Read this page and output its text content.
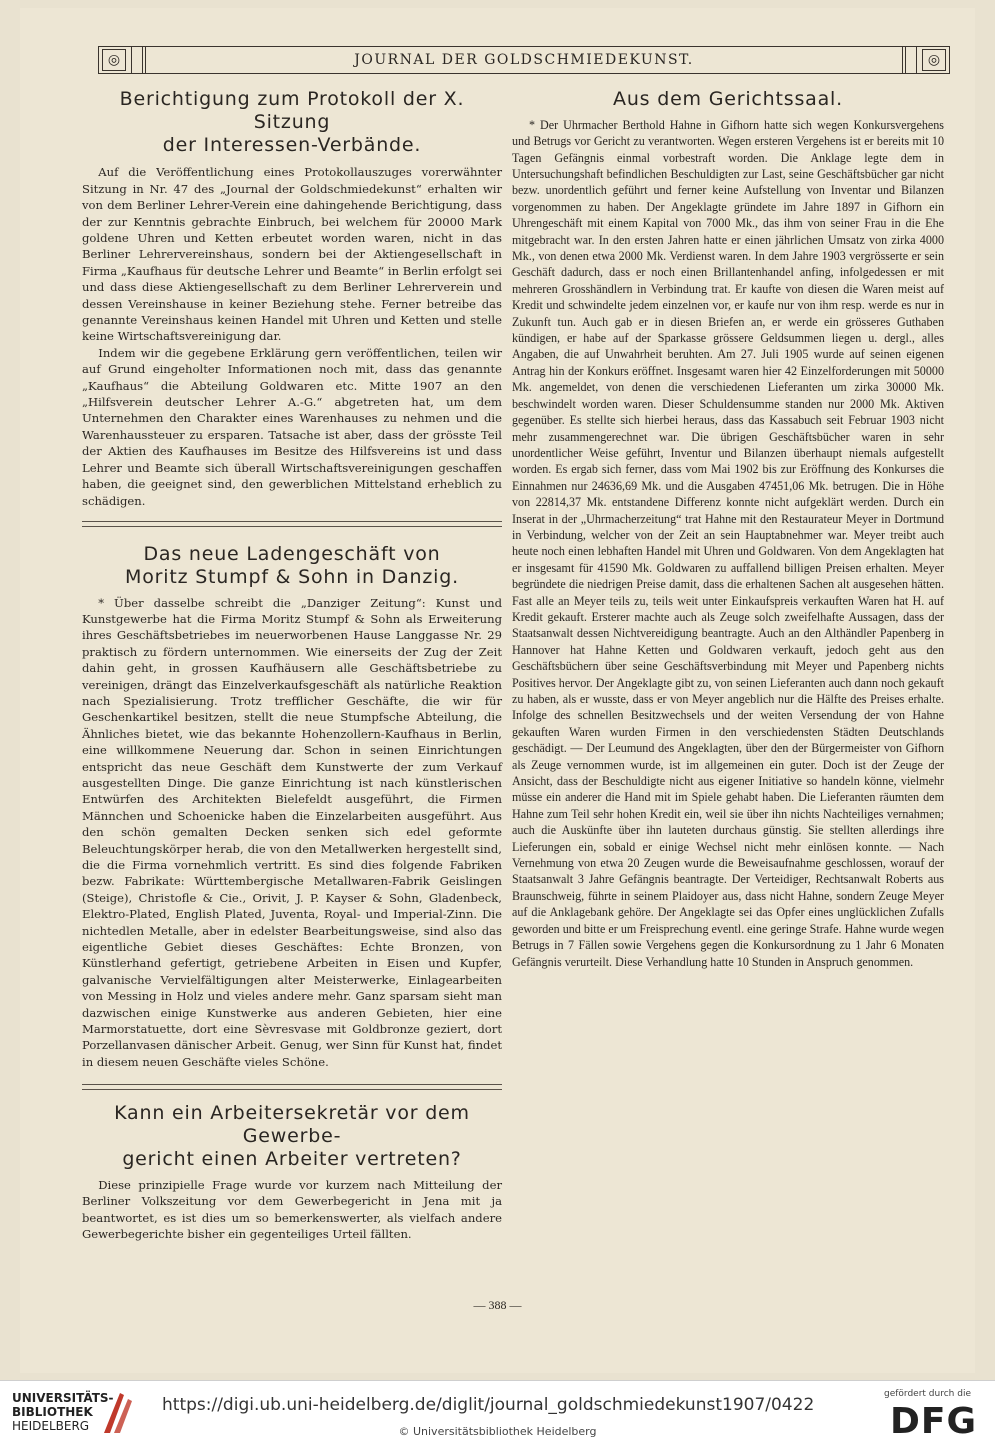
◎	JOURNAL DER GOLDSCHMIEDEKUNST.	◎
Berichtigung zum Protokoll der X. Sitzung
der Interessen-Verbände.

Auf die Veröffentlichung eines Protokollauszuges vorerwähnter Sitzung in Nr. 47 des „Journal der Goldschmiedekunst“ erhalten wir von dem Berliner Lehrer-Verein eine dahingehende Berichtigung, dass der zur Kenntnis gebrachte Einbruch, bei welchem für 20000 Mark goldene Uhren und Ketten erbeutet worden waren, nicht in das Berliner Lehrervereinshaus, sondern bei der Aktiengesellschaft in Firma „Kaufhaus für deutsche Lehrer und Beamte“ in Berlin erfolgt sei und dass diese Aktiengesellschaft zu dem Berliner Lehrerverein und dessen Vereinshause in keiner Beziehung stehe. Ferner betreibe das genannte Vereinshaus keinen Handel mit Uhren und Ketten und stelle keine Wirtschaftsvereinigung dar.

Indem wir die gegebene Erklärung gern veröffentlichen, teilen wir auf Grund eingeholter Informationen noch mit, dass das genannte „Kaufhaus“ die Abteilung Goldwaren etc. Mitte 1907 an den „Hilfsverein deutscher Lehrer A.-G.“ abgetreten hat, um dem Unternehmen den Charakter eines Warenhauses zu nehmen und die Warenhaussteuer zu ersparen. Tatsache ist aber, dass der grösste Teil der Aktien des Kaufhauses im Besitze des Hilfsvereins ist und dass Lehrer und Beamte sich überall Wirtschaftsvereinigungen geschaffen haben, die geeignet sind, den gewerblichen Mittelstand erheblich zu schädigen.

Das neue Ladengeschäft von
Moritz Stumpf & Sohn in Danzig.

* Über dasselbe schreibt die „Danziger Zeitung“: Kunst und Kunstgewerbe hat die Firma Moritz Stumpf & Sohn als Erweiterung ihres Geschäftsbetriebes im neuerworbenen Hause Langgasse Nr. 29 praktisch zu fördern unternommen. Wie einerseits der Zug der Zeit dahin geht, in grossen Kaufhäusern alle Geschäftsbetriebe zu vereinigen, drängt das Einzelverkaufsgeschäft als natürliche Reaktion nach Spezialisierung. Trotz trefflicher Geschäfte, die wir für Geschenkartikel besitzen, stellt die neue Stumpfsche Abteilung, die Ähnliches bietet, wie das bekannte Hohenzollern-Kaufhaus in Berlin, eine willkommene Neuerung dar. Schon in seinen Einrichtungen entspricht das neue Geschäft dem Kunstwerte der zum Verkauf ausgestellten Dinge. Die ganze Einrichtung ist nach künstlerischen Entwürfen des Architekten Bielefeldt ausgeführt, die Firmen Männchen und Schoenicke haben die Einzelarbeiten ausgeführt. Aus den schön gemalten Decken senken sich edel geformte Beleuchtungskörper herab, die von den Metallwerken hergestellt sind, die die Firma vornehmlich vertritt. Es sind dies folgende Fabriken bezw. Fabrikate: Württembergische Metallwaren-Fabrik Geislingen (Steige), Christofle & Cie., Orivit, J. P. Kayser & Sohn, Gladenbeck, Elektro-Plated, English Plated, Juventa, Royal- und Imperial-Zinn. Die nichtedlen Metalle, aber in edelster Bearbeitungsweise, sind also das eigentliche Gebiet dieses Geschäftes: Echte Bronzen, von Künstlerhand gefertigt, getriebene Arbeiten in Eisen und Kupfer, galvanische Vervielfältigungen alter Meisterwerke, Einlagearbeiten von Messing in Holz und vieles andere mehr. Ganz sparsam sieht man dazwischen einige Kunstwerke aus anderen Gebieten, hier eine Marmorstatuette, dort eine Sèvresvase mit Goldbronze geziert, dort Porzellanvasen dänischer Arbeit. Genug, wer Sinn für Kunst hat, findet in diesem neuen Geschäfte vieles Schöne.

Kann ein Arbeitersekretär vor dem Gewerbe-
gericht einen Arbeiter vertreten?

Diese prinzipielle Frage wurde vor kurzem nach Mitteilung der Berliner Volkszeitung vor dem Gewerbegericht in Jena mit ja beantwortet, es ist dies um so bemerkenswerter, als vielfach andere Gewerbegerichte bisher ein gegenteiliges Urteil fällten.

Aus dem Gerichtssaal.

* Der Uhrmacher Berthold Hahne in Gifhorn hatte sich wegen Konkursvergehens und Betrugs vor Gericht zu verantworten. Wegen ersteren Vergehens ist er bereits mit 10 Tagen Gefängnis einmal vorbestraft worden. Die Anklage legte dem in Untersuchungshaft befindlichen Beschuldigten zur Last, seine Geschäftsbücher gar nicht bezw. unordentlich geführt und ferner keine Aufstellung von Inventar und Bilanzen vorgenommen zu haben. Der Angeklagte gründete im Jahre 1897 in Gifhorn ein Uhrengeschäft mit einem Kapital von 7000 Mk., das ihm von seiner Frau in die Ehe mitgebracht war. In den ersten Jahren hatte er einen jährlichen Umsatz von zirka 4000 Mk., von denen etwa 2000 Mk. Verdienst waren. In dem Jahre 1903 vergrösserte er sein Geschäft dadurch, dass er noch einen Brillantenhandel anfing, infolgedessen er mit mehreren Grosshändlern in Verbindung trat. Er kaufte von diesen die Waren meist auf Kredit und schwindelte jedem einzelnen vor, er kaufe nur von ihm resp. werde es nur in Zukunft tun. Auch gab er in diesen Briefen an, er werde ein grösseres Guthaben kündigen, er habe auf der Sparkasse grössere Geldsummen liegen u. dergl., alles Angaben, die auf Unwahrheit beruhten. Am 27. Juli 1905 wurde auf seinen eigenen Antrag hin der Konkurs eröffnet. Insgesamt waren hier 42 Einzelforderungen mit 50000 Mk. angemeldet, von denen die verschiedenen Lieferanten um zirka 30000 Mk. beschwindelt worden waren. Dieser Schuldensumme standen nur 2000 Mk. Aktiven gegenüber. Es stellte sich hierbei heraus, dass das Kassabuch seit Februar 1903 nicht mehr zusammengerechnet war. Die übrigen Geschäftsbücher waren in sehr unordentlicher Weise geführt, Inventur und Bilanzen überhaupt niemals aufgestellt worden. Es ergab sich ferner, dass vom Mai 1902 bis zur Eröffnung des Konkurses die Einnahmen nur 24636,69 Mk. und die Ausgaben 47451,06 Mk. betrugen. Die in Höhe von 22814,37 Mk. entstandene Differenz konnte nicht aufgeklärt werden. Durch ein Inserat in der „Uhrmacherzeitung“ trat Hahne mit den Restaurateur Meyer in Dortmund in Verbindung, welcher von der Zeit an sein Hauptabnehmer war. Meyer treibt auch heute noch einen lebhaften Handel mit Uhren und Goldwaren. Von dem Angeklagten hat er insgesamt für 41590 Mk. Goldwaren zu auffallend billigen Preisen erhalten. Meyer begründete die niedrigen Preise damit, dass die erhaltenen Sachen alt ausgesehen hätten. Fast alle an Meyer teils zu, teils weit unter Einkaufspreis verkauften Waren hat H. auf Kredit gekauft. Ersterer machte auch als Zeuge solch zweifelhafte Aussagen, dass der Staatsanwalt dessen Nichtvereidigung beantragte. Auch an den Althändler Papenberg in Hannover hat Hahne Ketten und Goldwaren verkauft, jedoch geht aus den Geschäftsbüchern über seine Geschäftsverbindung mit Meyer und Papenberg nichts Positives hervor. Der Angeklagte gibt zu, von seinen Lieferanten auch dann noch gekauft zu haben, als er wusste, dass er von Meyer angeblich nur die Hälfte des Preises erhalte. Infolge des schnellen Besitzwechsels und der weiten Versendung der von Hahne gekauften Waren wurden Firmen in den verschiedensten Städten Deutschlands geschädigt. — Der Leumund des Angeklagten, über den der Bürgermeister von Gifhorn als Zeuge vernommen wurde, ist im allgemeinen ein guter. Doch ist der Zeuge der Ansicht, dass der Beschuldigte nicht aus eigener Initiative so handeln könne, vielmehr müsse ein anderer die Hand mit im Spiele gehabt haben. Die Lieferanten räumten dem Hahne zum Teil sehr hohen Kredit ein, weil sie über ihn nichts Nachteiliges vernahmen; auch die Auskünfte über ihn lauteten durchaus günstig. Sie stellten allerdings ihre Lieferungen ein, sobald er einige Wechsel nicht mehr einlösen konnte. — Nach Vernehmung von etwa 20 Zeugen wurde die Beweisaufnahme geschlossen, worauf der Staatsanwalt 3 Jahre Gefängnis beantragte. Der Verteidiger, Rechtsanwalt Roberts aus Braunschweig, führte in seinem Plaidoyer aus, dass nicht Hahne, sondern Zeuge Meyer auf die Anklagebank gehöre. Der Angeklagte sei das Opfer eines unglücklichen Zufalls geworden und bitte er um Freisprechung eventl. eine geringe Strafe. Hahne wurde wegen Betrugs in 7 Fällen sowie Vergehens gegen die Konkursordnung zu 1 Jahr 6 Monaten Gefängnis verurteilt. Diese Verhandlung hatte 10 Stunden in Anspruch genommen.

— 388 —
UNIVERSITÄTS-
BIBLIOTHEK
HEIDELBERG
https://digi.ub.uni-heidelberg.de/diglit/journal_goldschmiedekunst1907/0422
© Universitätsbibliothek Heidelberg
gefördert durch die
DFG
